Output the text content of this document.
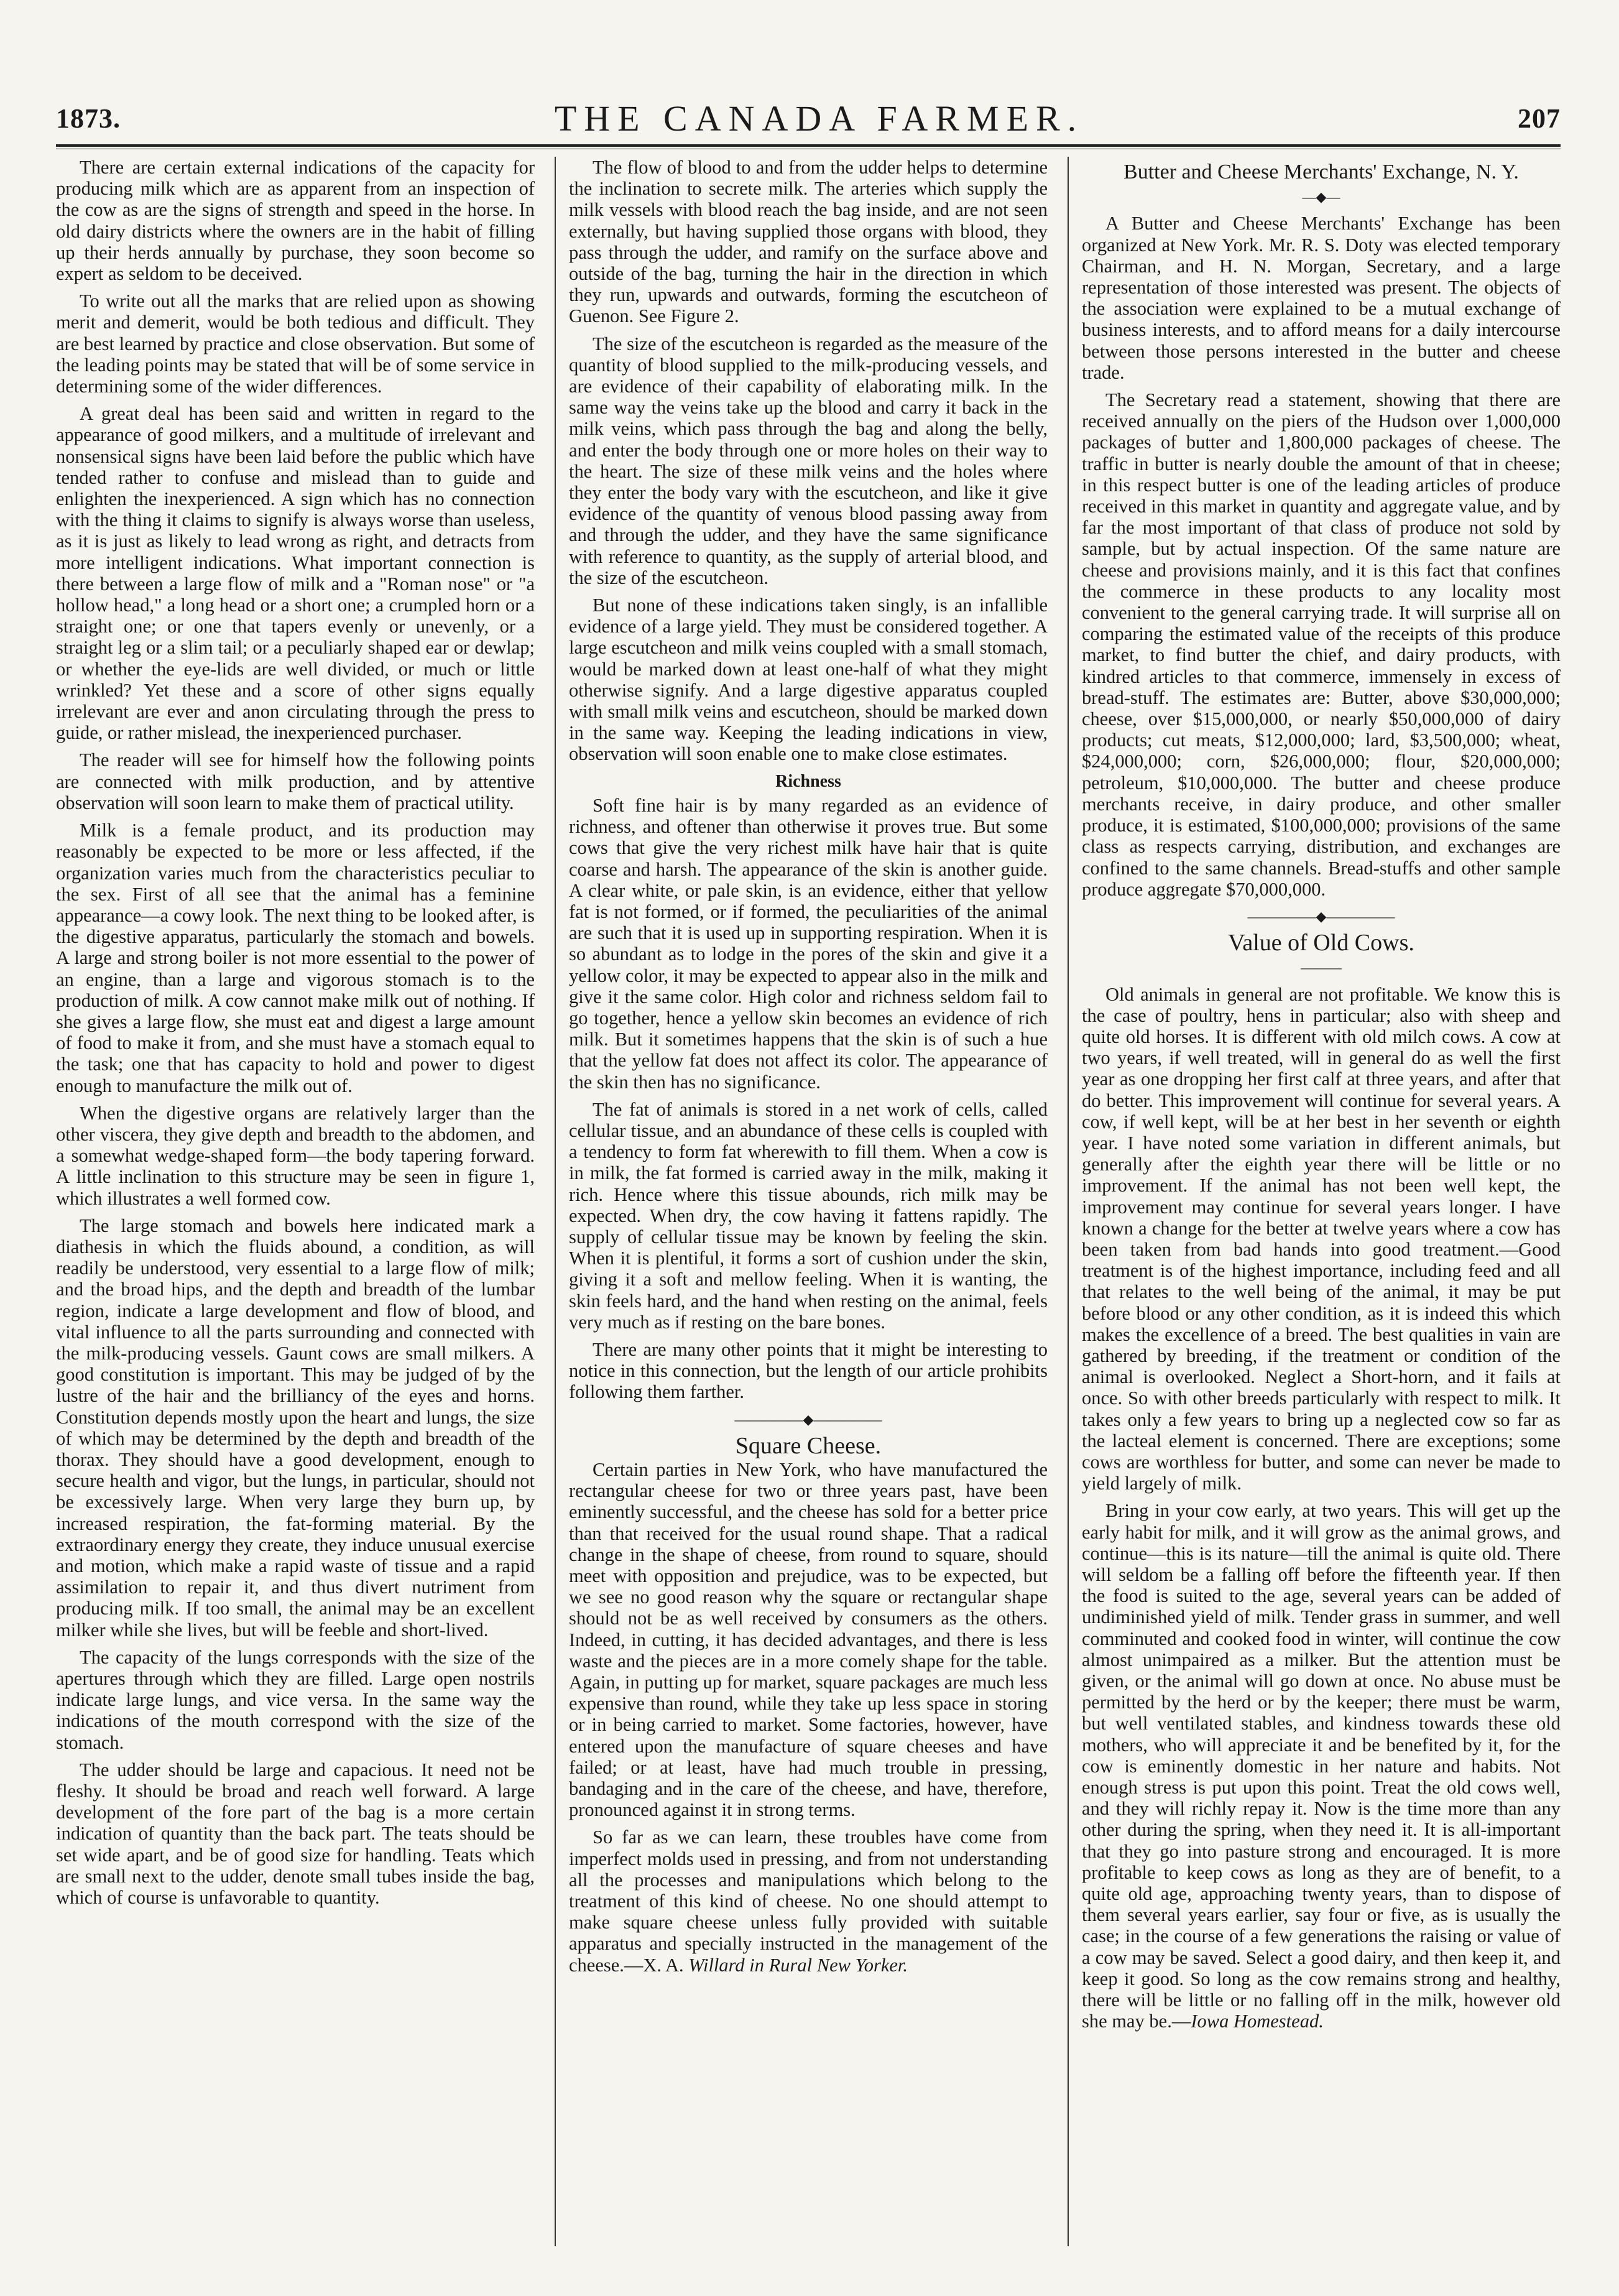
1873.	THE CANADA FARMER.	207

There are certain external indications of the capacity for producing milk which are as apparent from an inspection of the cow as are the signs of strength and speed in the horse. In old dairy districts where the owners are in the habit of filling up their herds annually by purchase, they soon become so expert as seldom to be deceived.

To write out all the marks that are relied upon as showing merit and demerit, would be both tedious and difficult. They are best learned by practice and close observation. But some of the leading points may be stated that will be of some service in determining some of the wider differences.

A great deal has been said and written in regard to the appearance of good milkers, and a multitude of irrelevant and nonsensical signs have been laid before the public which have tended rather to confuse and mislead than to guide and enlighten the inexperienced. A sign which has no connection with the thing it claims to signify is always worse than useless, as it is just as likely to lead wrong as right, and detracts from more intelligent indications. What important connection is there between a large flow of milk and a "Roman nose" or "a hollow head," a long head or a short one; a crumpled horn or a straight one; or one that tapers evenly or unevenly, or a straight leg or a slim tail; or a peculiarly shaped ear or dewlap; or whether the eye-lids are well divided, or much or little wrinkled? Yet these and a score of other signs equally irrelevant are ever and anon circulating through the press to guide, or rather mislead, the inexperienced purchaser.

The reader will see for himself how the following points are connected with milk production, and by attentive observation will soon learn to make them of practical utility.

Milk is a female product, and its production may reasonably be expected to be more or less affected, if the organization varies much from the characteristics peculiar to the sex. First of all see that the animal has a feminine appearance—a cowy look. The next thing to be looked after, is the digestive apparatus, particularly the stomach and bowels. A large and strong boiler is not more essential to the power of an engine, than a large and vigorous stomach is to the production of milk. A cow cannot make milk out of nothing. If she gives a large flow, she must eat and digest a large amount of food to make it from, and she must have a stomach equal to the task; one that has capacity to hold and power to digest enough to manufacture the milk out of.

When the digestive organs are relatively larger than the other viscera, they give depth and breadth to the abdomen, and a somewhat wedge-shaped form—the body tapering forward. A little inclination to this structure may be seen in figure 1, which illustrates a well formed cow.

The large stomach and bowels here indicated mark a diathesis in which the fluids abound, a condition, as will readily be understood, very essential to a large flow of milk; and the broad hips, and the depth and breadth of the lumbar region, indicate a large development and flow of blood, and vital influence to all the parts surrounding and connected with the milk-producing vessels. Gaunt cows are small milkers. A good constitution is important. This may be judged of by the lustre of the hair and the brilliancy of the eyes and horns. Constitution depends mostly upon the heart and lungs, the size of which may be determined by the depth and breadth of the thorax. They should have a good development, enough to secure health and vigor, but the lungs, in particular, should not be excessively large. When very large they burn up, by increased respiration, the fat-forming material. By the extraordinary energy they create, they induce unusual exercise and motion, which make a rapid waste of tissue and a rapid assimilation to repair it, and thus divert nutriment from producing milk. If too small, the animal may be an excellent milker while she lives, but will be feeble and short-lived.

The capacity of the lungs corresponds with the size of the apertures through which they are filled. Large open nostrils indicate large lungs, and vice versa. In the same way the indications of the mouth correspond with the size of the stomach.

The udder should be large and capacious. It need not be fleshy. It should be broad and reach well forward. A large development of the fore part of the bag is a more certain indication of quantity than the back part. The teats should be set wide apart, and be of good size for handling. Teats which are small next to the udder, denote small tubes inside the bag, which of course is unfavorable to quantity.

The flow of blood to and from the udder helps to determine the inclination to secrete milk. The arteries which supply the milk vessels with blood reach the bag inside, and are not seen externally, but having supplied those organs with blood, they pass through the udder, and ramify on the surface above and outside of the bag, turning the hair in the direction in which they run, upwards and outwards, forming the escutcheon of Guenon. See Figure 2.

The size of the escutcheon is regarded as the measure of the quantity of blood supplied to the milk-producing vessels, and are evidence of their capability of elaborating milk. In the same way the veins take up the blood and carry it back in the milk veins, which pass through the bag and along the belly, and enter the body through one or more holes on their way to the heart. The size of these milk veins and the holes where they enter the body vary with the escutcheon, and like it give evidence of the quantity of venous blood passing away from and through the udder, and they have the same significance with reference to quantity, as the supply of arterial blood, and the size of the escutcheon.

But none of these indications taken singly, is an infallible evidence of a large yield. They must be considered together. A large escutcheon and milk veins coupled with a small stomach, would be marked down at least one-half of what they might otherwise signify. And a large digestive apparatus coupled with small milk veins and escutcheon, should be marked down in the same way. Keeping the leading indications in view, observation will soon enable one to make close estimates.

Richness

Soft fine hair is by many regarded as an evidence of richness, and oftener than otherwise it proves true. But some cows that give the very richest milk have hair that is quite coarse and harsh. The appearance of the skin is another guide. A clear white, or pale skin, is an evidence, either that yellow fat is not formed, or if formed, the peculiarities of the animal are such that it is used up in supporting respiration. When it is so abundant as to lodge in the pores of the skin and give it a yellow color, it may be expected to appear also in the milk and give it the same color. High color and richness seldom fail to go together, hence a yellow skin becomes an evidence of rich milk. But it sometimes happens that the skin is of such a hue that the yellow fat does not affect its color. The appearance of the skin then has no significance.

The fat of animals is stored in a net work of cells, called cellular tissue, and an abundance of these cells is coupled with a tendency to form fat wherewith to fill them. When a cow is in milk, the fat formed is carried away in the milk, making it rich. Hence where this tissue abounds, rich milk may be expected. When dry, the cow having it fattens rapidly. The supply of cellular tissue may be known by feeling the skin. When it is plentiful, it forms a sort of cushion under the skin, giving it a soft and mellow feeling. When it is wanting, the skin feels hard, and the hand when resting on the animal, feels very much as if resting on the bare bones.

There are many other points that it might be interesting to notice in this connection, but the length of our article prohibits following them farther.

—————◆—————
Square Cheese.

Certain parties in New York, who have manufactured the rectangular cheese for two or three years past, have been eminently successful, and the cheese has sold for a better price than that received for the usual round shape. That a radical change in the shape of cheese, from round to square, should meet with opposition and prejudice, was to be expected, but we see no good reason why the square or rectangular shape should not be as well received by consumers as the others. Indeed, in cutting, it has decided advantages, and there is less waste and the pieces are in a more comely shape for the table. Again, in putting up for market, square packages are much less expensive than round, while they take up less space in storing or in being carried to market. Some factories, however, have entered upon the manufacture of square cheeses and have failed; or at least, have had much trouble in pressing, bandaging and in the care of the cheese, and have, therefore, pronounced against it in strong terms.

So far as we can learn, these troubles have come from imperfect molds used in pressing, and from not understanding all the processes and manipulations which belong to the treatment of this kind of cheese. No one should attempt to make square cheese unless fully provided with suitable apparatus and specially instructed in the management of the cheese.—X. A. Willard in Rural New Yorker.

Butter and Cheese Merchants' Exchange, N. Y.
—◆—

A Butter and Cheese Merchants' Exchange has been organized at New York. Mr. R. S. Doty was elected temporary Chairman, and H. N. Morgan, Secretary, and a large representation of those interested was present. The objects of the association were explained to be a mutual exchange of business interests, and to afford means for a daily intercourse between those persons interested in the butter and cheese trade.

The Secretary read a statement, showing that there are received annually on the piers of the Hudson over 1,000,000 packages of butter and 1,800,000 packages of cheese. The traffic in butter is nearly double the amount of that in cheese; in this respect butter is one of the leading articles of produce received in this market in quantity and aggregate value, and by far the most important of that class of produce not sold by sample, but by actual inspection. Of the same nature are cheese and provisions mainly, and it is this fact that confines the commerce in these products to any locality most convenient to the general carrying trade. It will surprise all on comparing the estimated value of the receipts of this produce market, to find butter the chief, and dairy products, with kindred articles to that commerce, immensely in excess of bread-stuff. The estimates are: Butter, above $30,000,000; cheese, over $15,000,000, or nearly $50,000,000 of dairy products; cut meats, $12,000,000; lard, $3,500,000; wheat, $24,000,000; corn, $26,000,000; flour, $20,000,000; petroleum, $10,000,000. The butter and cheese produce merchants receive, in dairy produce, and other smaller produce, it is estimated, $100,000,000; provisions of the same class as respects carrying, distribution, and exchanges are confined to the same channels. Bread-stuffs and other sample produce aggregate $70,000,000.

—————◆—————
Value of Old Cows.
———

Old animals in general are not profitable. We know this is the case of poultry, hens in particular; also with sheep and quite old horses. It is different with old milch cows. A cow at two years, if well treated, will in general do as well the first year as one dropping her first calf at three years, and after that do better. This improvement will continue for several years. A cow, if well kept, will be at her best in her seventh or eighth year. I have noted some variation in different animals, but generally after the eighth year there will be little or no improvement. If the animal has not been well kept, the improvement may continue for several years longer. I have known a change for the better at twelve years where a cow has been taken from bad hands into good treatment.—Good treatment is of the highest importance, including feed and all that relates to the well being of the animal, it may be put before blood or any other condition, as it is indeed this which makes the excellence of a breed. The best qualities in vain are gathered by breeding, if the treatment or condition of the animal is overlooked. Neglect a Short-horn, and it fails at once. So with other breeds particularly with respect to milk. It takes only a few years to bring up a neglected cow so far as the lacteal element is concerned. There are exceptions; some cows are worthless for butter, and some can never be made to yield largely of milk.

Bring in your cow early, at two years. This will get up the early habit for milk, and it will grow as the animal grows, and continue—this is its nature—till the animal is quite old. There will seldom be a falling off before the fifteenth year. If then the food is suited to the age, several years can be added of undiminished yield of milk. Tender grass in summer, and well comminuted and cooked food in winter, will continue the cow almost unimpaired as a milker. But the attention must be given, or the animal will go down at once. No abuse must be permitted by the herd or by the keeper; there must be warm, but well ventilated stables, and kindness towards these old mothers, who will appreciate it and be benefited by it, for the cow is eminently domestic in her nature and habits. Not enough stress is put upon this point. Treat the old cows well, and they will richly repay it. Now is the time more than any other during the spring, when they need it. It is all-important that they go into pasture strong and encouraged. It is more profitable to keep cows as long as they are of benefit, to a quite old age, approaching twenty years, than to dispose of them several years earlier, say four or five, as is usually the case; in the course of a few generations the raising or value of a cow may be saved. Select a good dairy, and then keep it, and keep it good. So long as the cow remains strong and healthy, there will be little or no falling off in the milk, however old she may be.—Iowa Homestead.
